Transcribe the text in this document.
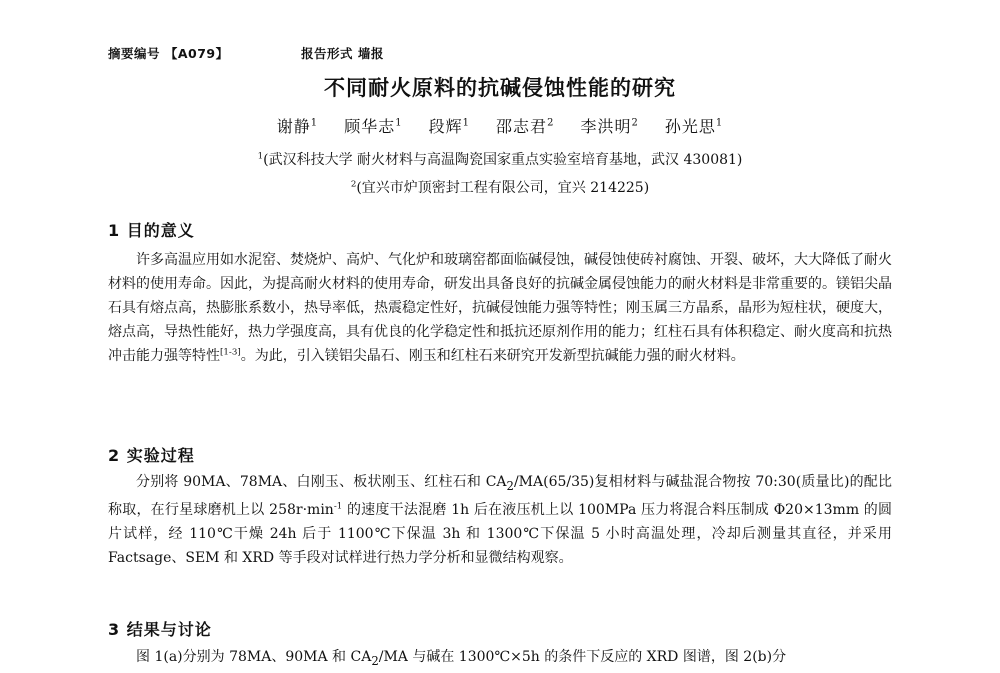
摘要编号 【A079】	报告形式 墙报
不同耐火原料的抗碱侵蚀性能的研究
谢静$^1$ 顾华志$^1$ 段辉$^1$ 邵志君$^2$ 李洪明$^2$ 孙光思$^1$
$^1$(武汉科技大学 耐火材料与高温陶瓷国家重点实验室培育基地，武汉 430081)
$^2$(宜兴市炉顶密封工程有限公司，宜兴 214225)
1 目的意义

许多高温应用如水泥窑、焚烧炉、高炉、气化炉和玻璃窑都面临碱侵蚀，碱侵蚀使砖衬腐蚀、开裂、破坏，大大降低了耐火材料的使用寿命。因此，为提高耐火材料的使用寿命，研发出具备良好的抗碱金属侵蚀能力的耐火材料是非常重要的。镁铝尖晶石具有熔点高，热膨胀系数小，热导率低，热震稳定性好，抗碱侵蚀能力强等特性；刚玉属三方晶系，晶形为短柱状，硬度大，熔点高，导热性能好，热力学强度高，具有优良的化学稳定性和抵抗还原剂作用的能力；红柱石具有体积稳定、耐火度高和抗热冲击能力强等特性[1-3]。为此，引入镁铝尖晶石、刚玉和红柱石来研究开发新型抗碱能力强的耐火材料。

2 实验过程

分别将 90MA、78MA、白刚玉、板状刚玉、红柱石和 $CA_2/MA(65/35)$复相材料与碱盐混合物按 70:30(质量比)的配比称取，在行星球磨机上以 $258r\cdot\min^{-1}$ 的速度干法混磨 1h 后在液压机上以 100MPa 压力将混合料压制成 Φ20×13mm 的圆片试样，经 110℃干燥 24h 后于 1100℃下保温 3h 和 1300℃下保温 5 小时高温处理，冷却后测量其直径，并采用 Factsage、SEM 和 XRD 等手段对试样进行热力学分析和显微结构观察。

3 结果与讨论

图 1(a)分别为 78MA、90MA 和 $CA_2/MA$ 与碱在 1300℃×5h 的条件下反应的 XRD 图谱，图 2(b)分
